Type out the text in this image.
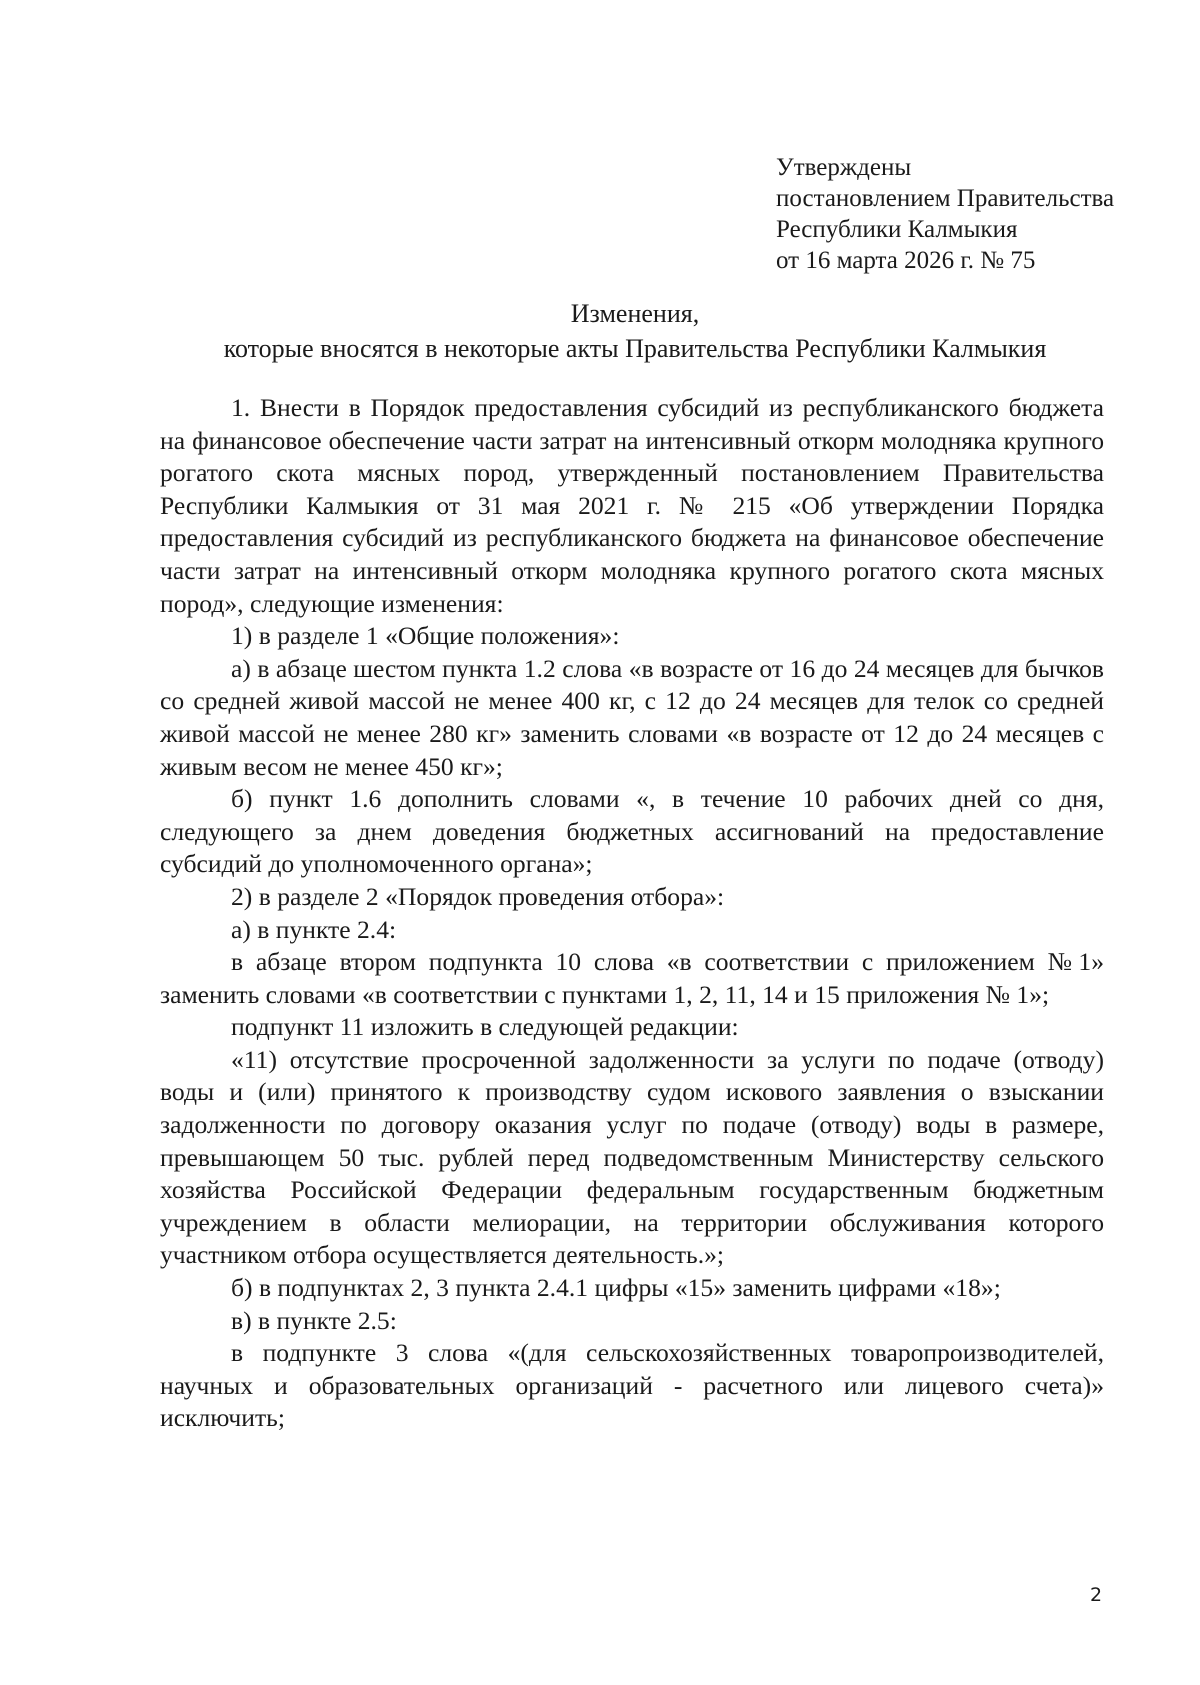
Утверждены
постановлением Правительства
Республики Калмыкия
от 16 марта 2026 г. № 75
Изменения,
которые вносятся в некоторые акты Правительства Республики Калмыкия

1. Внести в Порядок предоставления субсидий из республиканского бюджета на финансовое обеспечение части затрат на интенсивный откорм молодняка крупного рогатого скота мясных пород, утвержденный постановлением Правительства Республики Калмыкия от 31 мая 2021 г. № 215 «Об утверждении Порядка предоставления субсидий из республиканского бюджета на финансовое обеспечение части затрат на интенсивный откорм молодняка крупного рогатого скота мясных пород», следующие изменения:

1) в разделе 1 «Общие положения»:

а) в абзаце шестом пункта 1.2 слова «в возрасте от 16 до 24 месяцев для бычков со средней живой массой не менее 400 кг, с 12 до 24 месяцев для телок со средней живой массой не менее 280 кг» заменить словами «в возрасте от 12 до 24 месяцев с живым весом не менее 450 кг»;

б) пункт 1.6 дополнить словами «, в течение 10 рабочих дней со дня, следующего за днем доведения бюджетных ассигнований на предоставление субсидий до уполномоченного органа»;

2) в разделе 2 «Порядок проведения отбора»:

а) в пункте 2.4:

в абзаце втором подпункта 10 слова «в соответствии с приложением №1» заменить словами «в соответствии с пунктами 1, 2, 11, 14 и 15 приложения № 1»;

подпункт 11 изложить в следующей редакции:

«11) отсутствие просроченной задолженности за услуги по подаче (отводу) воды и (или) принятого к производству судом искового заявления о взыскании задолженности по договору оказания услуг по подаче (отводу) воды в размере, превышающем 50 тыс. рублей перед подведомственным Министерству сельского хозяйства Российской Федерации федеральным государственным бюджетным учреждением в области мелиорации, на территории обслуживания которого участником отбора осуществляется деятельность.»;

б) в подпунктах 2, 3 пункта 2.4.1 цифры «15» заменить цифрами «18»;

в) в пункте 2.5:

в подпункте 3 слова «(для сельскохозяйственных товаропроизводителей, научных и образовательных организаций - расчетного или лицевого счета)» исключить;

2
